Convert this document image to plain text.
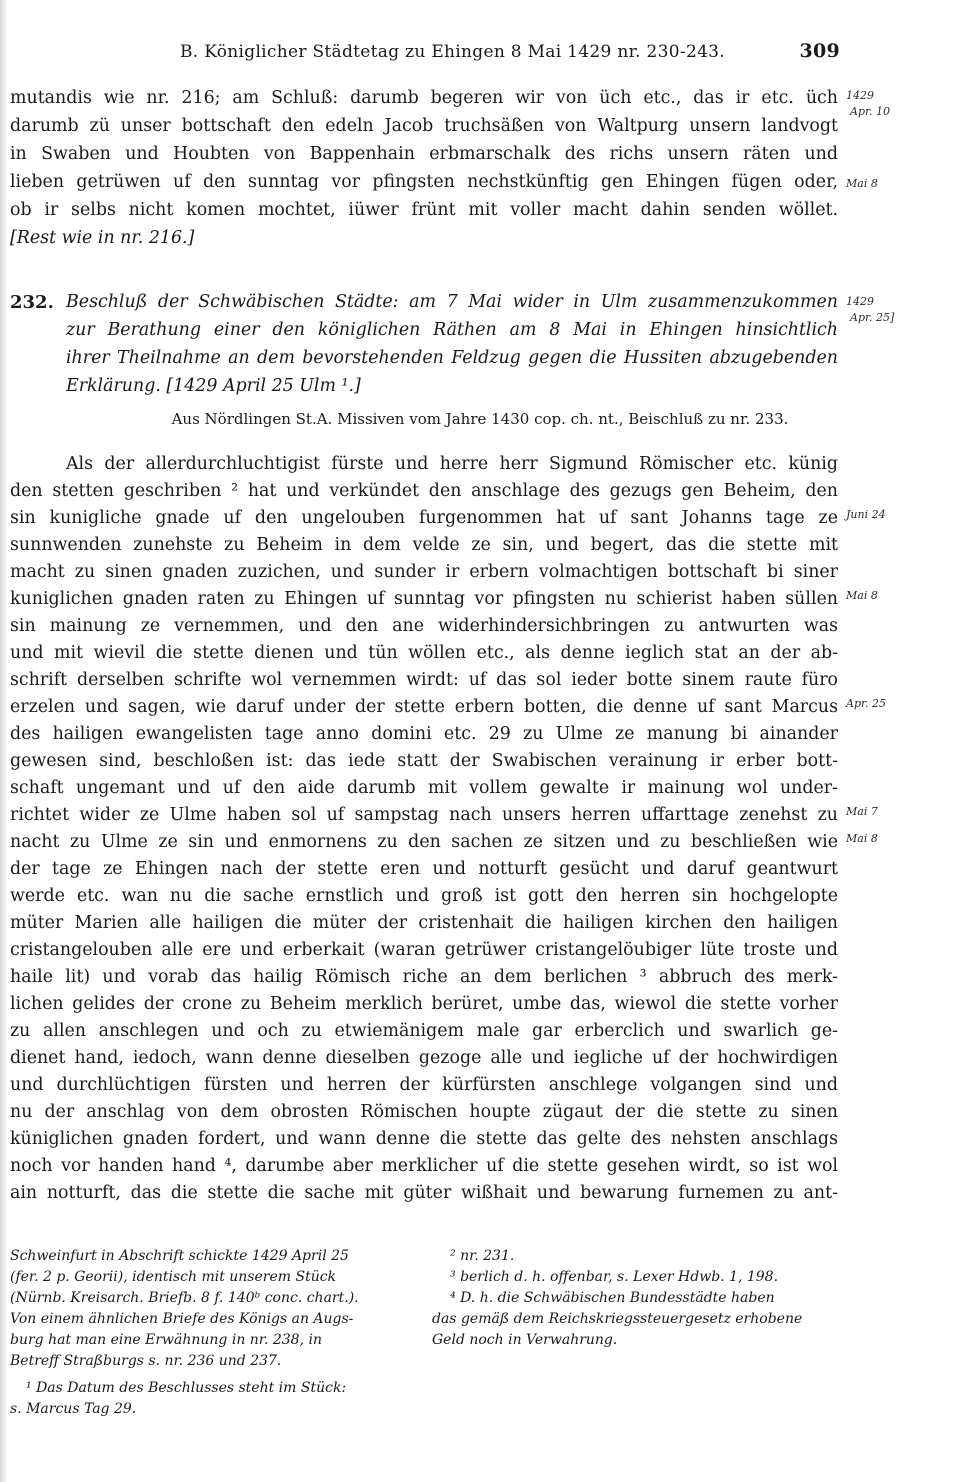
B. Königlicher Städtetag zu Ehingen 8 Mai 1429 nr. 230-243.	309
mutandis wie nr. 216; am Schluß: darumb begeren wir von üch etc., das ir etc. üch
darumb zü unser bottschaft den edeln Jacob truchsäßen von Waltpurg unsern landvogt
in Swaben und Houbten von Bappenhain erbmarschalk des richs unsern räten und
lieben getrüwen uf den sunntag vor pfingsten nechstkünftig gen Ehingen fügen oder,
ob ir selbs nicht komen mochtet, iüwer frünt mit voller macht dahin senden wöllet.
[Rest wie in nr. 216.]
232. Beschluß der Schwäbischen Städte: am 7 Mai wider in Ulm zusammenzukommen
zur Berathung einer den königlichen Räthen am 8 Mai in Ehingen hinsichtlich
ihrer Theilnahme an dem bevorstehenden Feldzug gegen die Hussiten abzugebenden
Erklärung. [1429 April 25 Ulm ¹.]
Aus Nördlingen St.A. Missiven vom Jahre 1430 cop. ch. nt., Beischluß zu nr. 233.
Als der allerdurchluchtigist fürste und herre herr Sigmund Römischer etc. künig
den stetten geschriben ² hat und verkündet den anschlage des gezugs gen Beheim, den
sin kunigliche gnade uf den ungelouben furgenommen hat uf sant Johanns tage ze
sunnwenden zunehste zu Beheim in dem velde ze sin, und begert, das die stette mit
macht zu sinen gnaden zuzichen, und sunder ir erbern volmachtigen bottschaft bi siner
kuniglichen gnaden raten zu Ehingen uf sunntag vor pfingsten nu schierist haben süllen
sin mainung ze vernemmen, und den ane widerhindersichbringen zu antwurten was
und mit wievil die stette dienen und tün wöllen etc., als denne ieglich stat an der ab-
schrift derselben schrifte wol vernemmen wirdt: uf das sol ieder botte sinem raute füro
erzelen und sagen, wie daruf under der stette erbern botten, die denne uf sant Marcus
des hailigen ewangelisten tage anno domini etc. 29 zu Ulme ze manung bi ainander
gewesen sind, beschloßen ist: das iede statt der Swabischen verainung ir erber bott-
schaft ungemant und uf den aide darumb mit vollem gewalte ir mainung wol under-
richtet wider ze Ulme haben sol uf sampstag nach unsers herren uffarttage zenehst zu
nacht zu Ulme ze sin und enmornens zu den sachen ze sitzen und zu beschließen wie
der tage ze Ehingen nach der stette eren und notturft gesücht und daruf geantwurt
werde etc. wan nu die sache ernstlich und groß ist gott den herren sin hochgelopte
müter Marien alle hailigen die müter der cristenhait die hailigen kirchen den hailigen
cristangelouben alle ere und erberkait (waran getrüwer cristangelöubiger lüte troste und
haile lit) und vorab das hailig Römisch riche an dem berlichen ³ abbruch des merk-
lichen gelides der crone zu Beheim merklich berüret, umbe das, wiewol die stette vorher
zu allen anschlegen und och zu etwiemänigem male gar erberclich und swarlich ge-
dienet hand, iedoch, wann denne dieselben gezoge alle und iegliche uf der hochwirdigen
und durchlüchtigen fürsten und herren der kürfürsten anschlege volgangen sind und
nu der anschlag von dem obrosten Römischen houpte zügaut der die stette zu sinen
küniglichen gnaden fordert, und wann denne die stette das gelte des nehsten anschlags
noch vor handen hand ⁴, darumbe aber merklicher uf die stette gesehen wirdt, so ist wol
ain notturft, das die stette die sache mit güter wißhait und bewarung furnemen zu ant-
1429
Apr. 10
Mai 8
1429
Apr. 25]
Juni 24
Mai 8
Apr. 25
Mai 7
Mai 8
Schweinfurt in Abschrift schickte 1429 April 25
(fer. 2 p. Georii), identisch mit unserem Stück
(Nürnb. Kreisarch. Briefb. 8 f. 140ᵇ conc. chart.).
Von einem ähnlichen Briefe des Königs an Augs-
burg hat man eine Erwähnung in nr. 238, in
Betreff Straßburgs s. nr. 236 und 237.
¹ Das Datum des Beschlusses steht im Stück:
s. Marcus Tag 29.
² nr. 231.
³ berlich d. h. offenbar, s. Lexer Hdwb. 1, 198.
⁴ D. h. die Schwäbischen Bundesstädte haben
das gemäß dem Reichskriegssteuergesetz erhobene
Geld noch in Verwahrung.
